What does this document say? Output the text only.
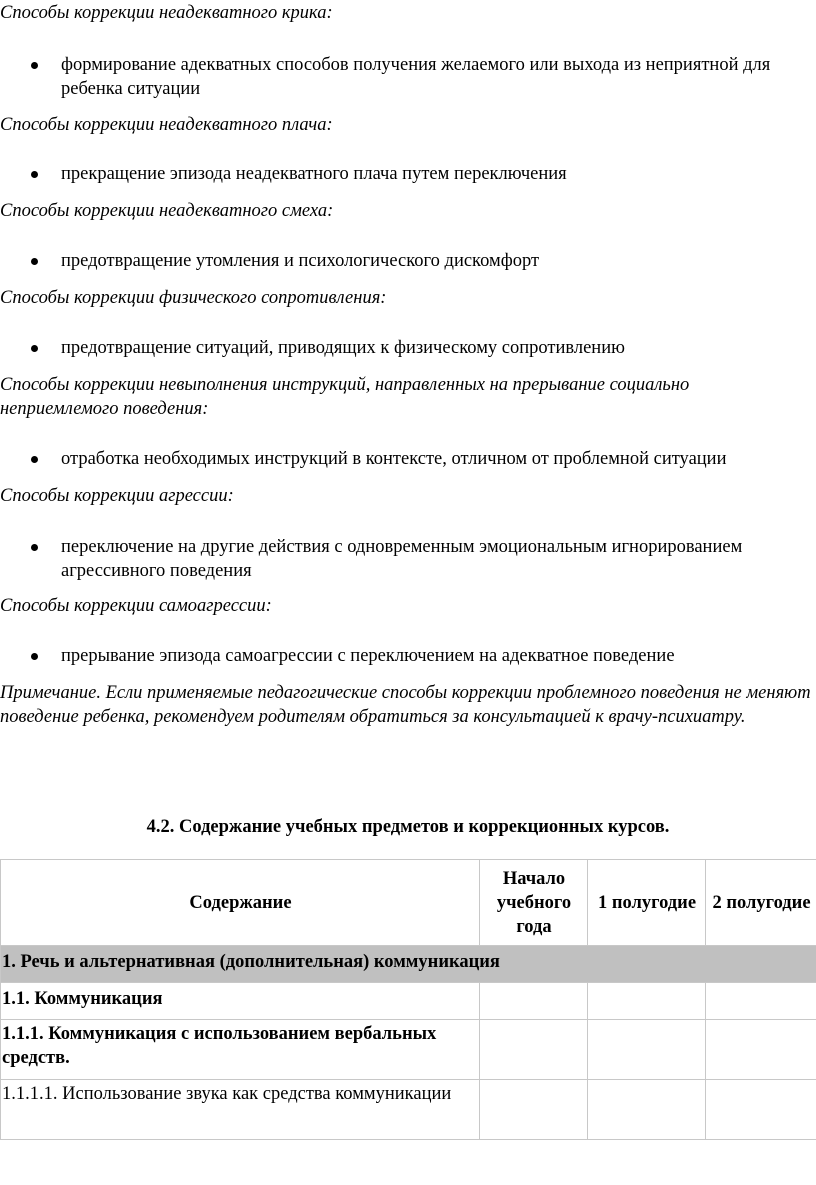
Способы коррекции неадекватного крика:
формирование адекватных способов получения желаемого или выхода из неприятной для ребенка ситуации
Способы коррекции неадекватного плача:
прекращение эпизода неадекватного плача путем переключения
Способы коррекции неадекватного смеха:
предотвращение утомления и психологического дискомфорт
Способы коррекции физического сопротивления:
предотвращение ситуаций, приводящих к физическому сопротивлению
Способы коррекции невыполнения инструкций, направленных на прерывание социально неприемлемого поведения:
отработка необходимых инструкций в контексте, отличном от проблемной ситуации
Способы коррекции агрессии:
переключение на другие действия с одновременным эмоциональным игнорированием агрессивного поведения
Способы коррекции самоагрессии:
прерывание эпизода самоагрессии с переключением на адекватное поведение
Примечание. Если применяемые педагогические способы коррекции проблемного поведения не меняют поведение ребенка, рекомендуем родителям обратиться за консультацией к врачу-психиатру.
4.2. Содержание учебных предметов и коррекционных курсов.
Содержание	Начало учебного года	1 полугодие	2 полугодие
1. Речь и альтернативная (дополнительная) коммуникация			
1.1. Коммуникация			
1.1.1. Коммуникация с использованием вербальных средств.			
1.1.1.1. Использование звука как средства коммуникации			
